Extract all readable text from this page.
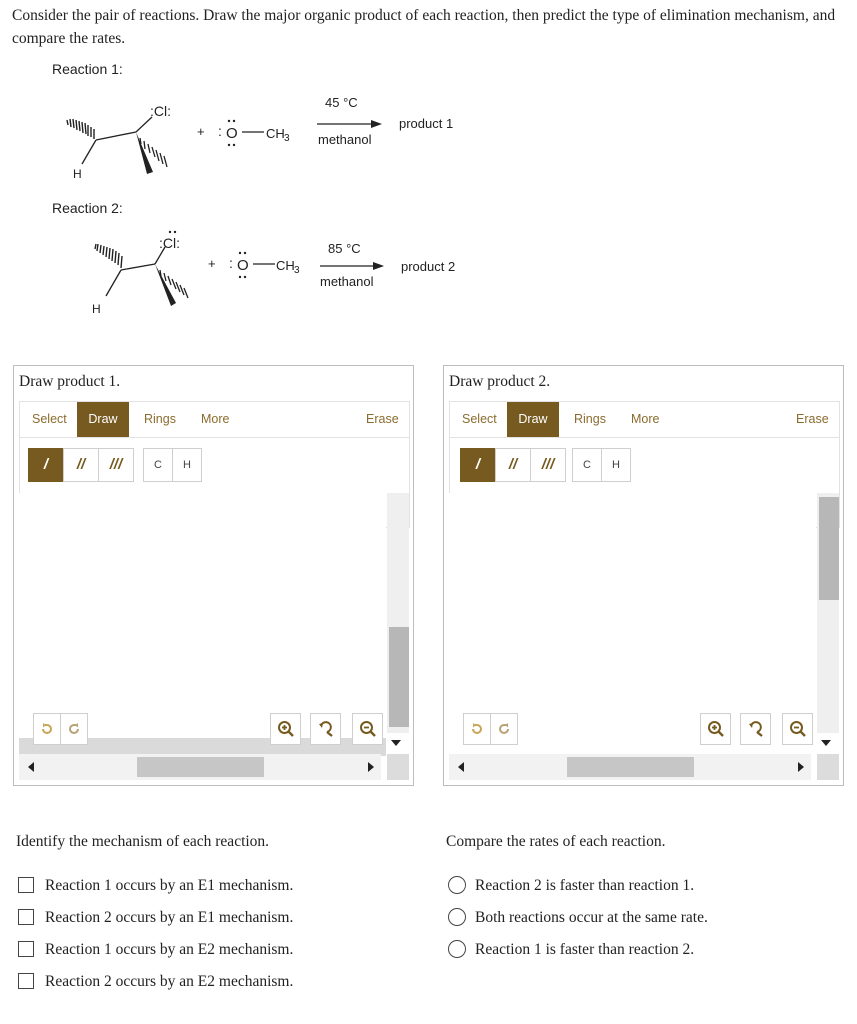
Consider the pair of reactions. Draw the major organic product of each reaction, then predict the type of elimination mechanism, and compare the rates.
Reaction 1:
:Cl:
H
+ : O CH 3
45 °C
methanol
product 1
Reaction 2:
:Cl:
H
+ : O CH 3
85 °C
methanol
product 2
Draw product 1.
Select	Draw	Rings	More	Erase
/	//	///	C	H
Draw product 2.
Select	Draw	Rings	More	Erase
/	//	///	C	H
Identify the mechanism of each reaction.
Reaction 1 occurs by an E1 mechanism.
Reaction 2 occurs by an E1 mechanism.
Reaction 1 occurs by an E2 mechanism.
Reaction 2 occurs by an E2 mechanism.
Compare the rates of each reaction.
Reaction 2 is faster than reaction 1.
Both reactions occur at the same rate.
Reaction 1 is faster than reaction 2.
